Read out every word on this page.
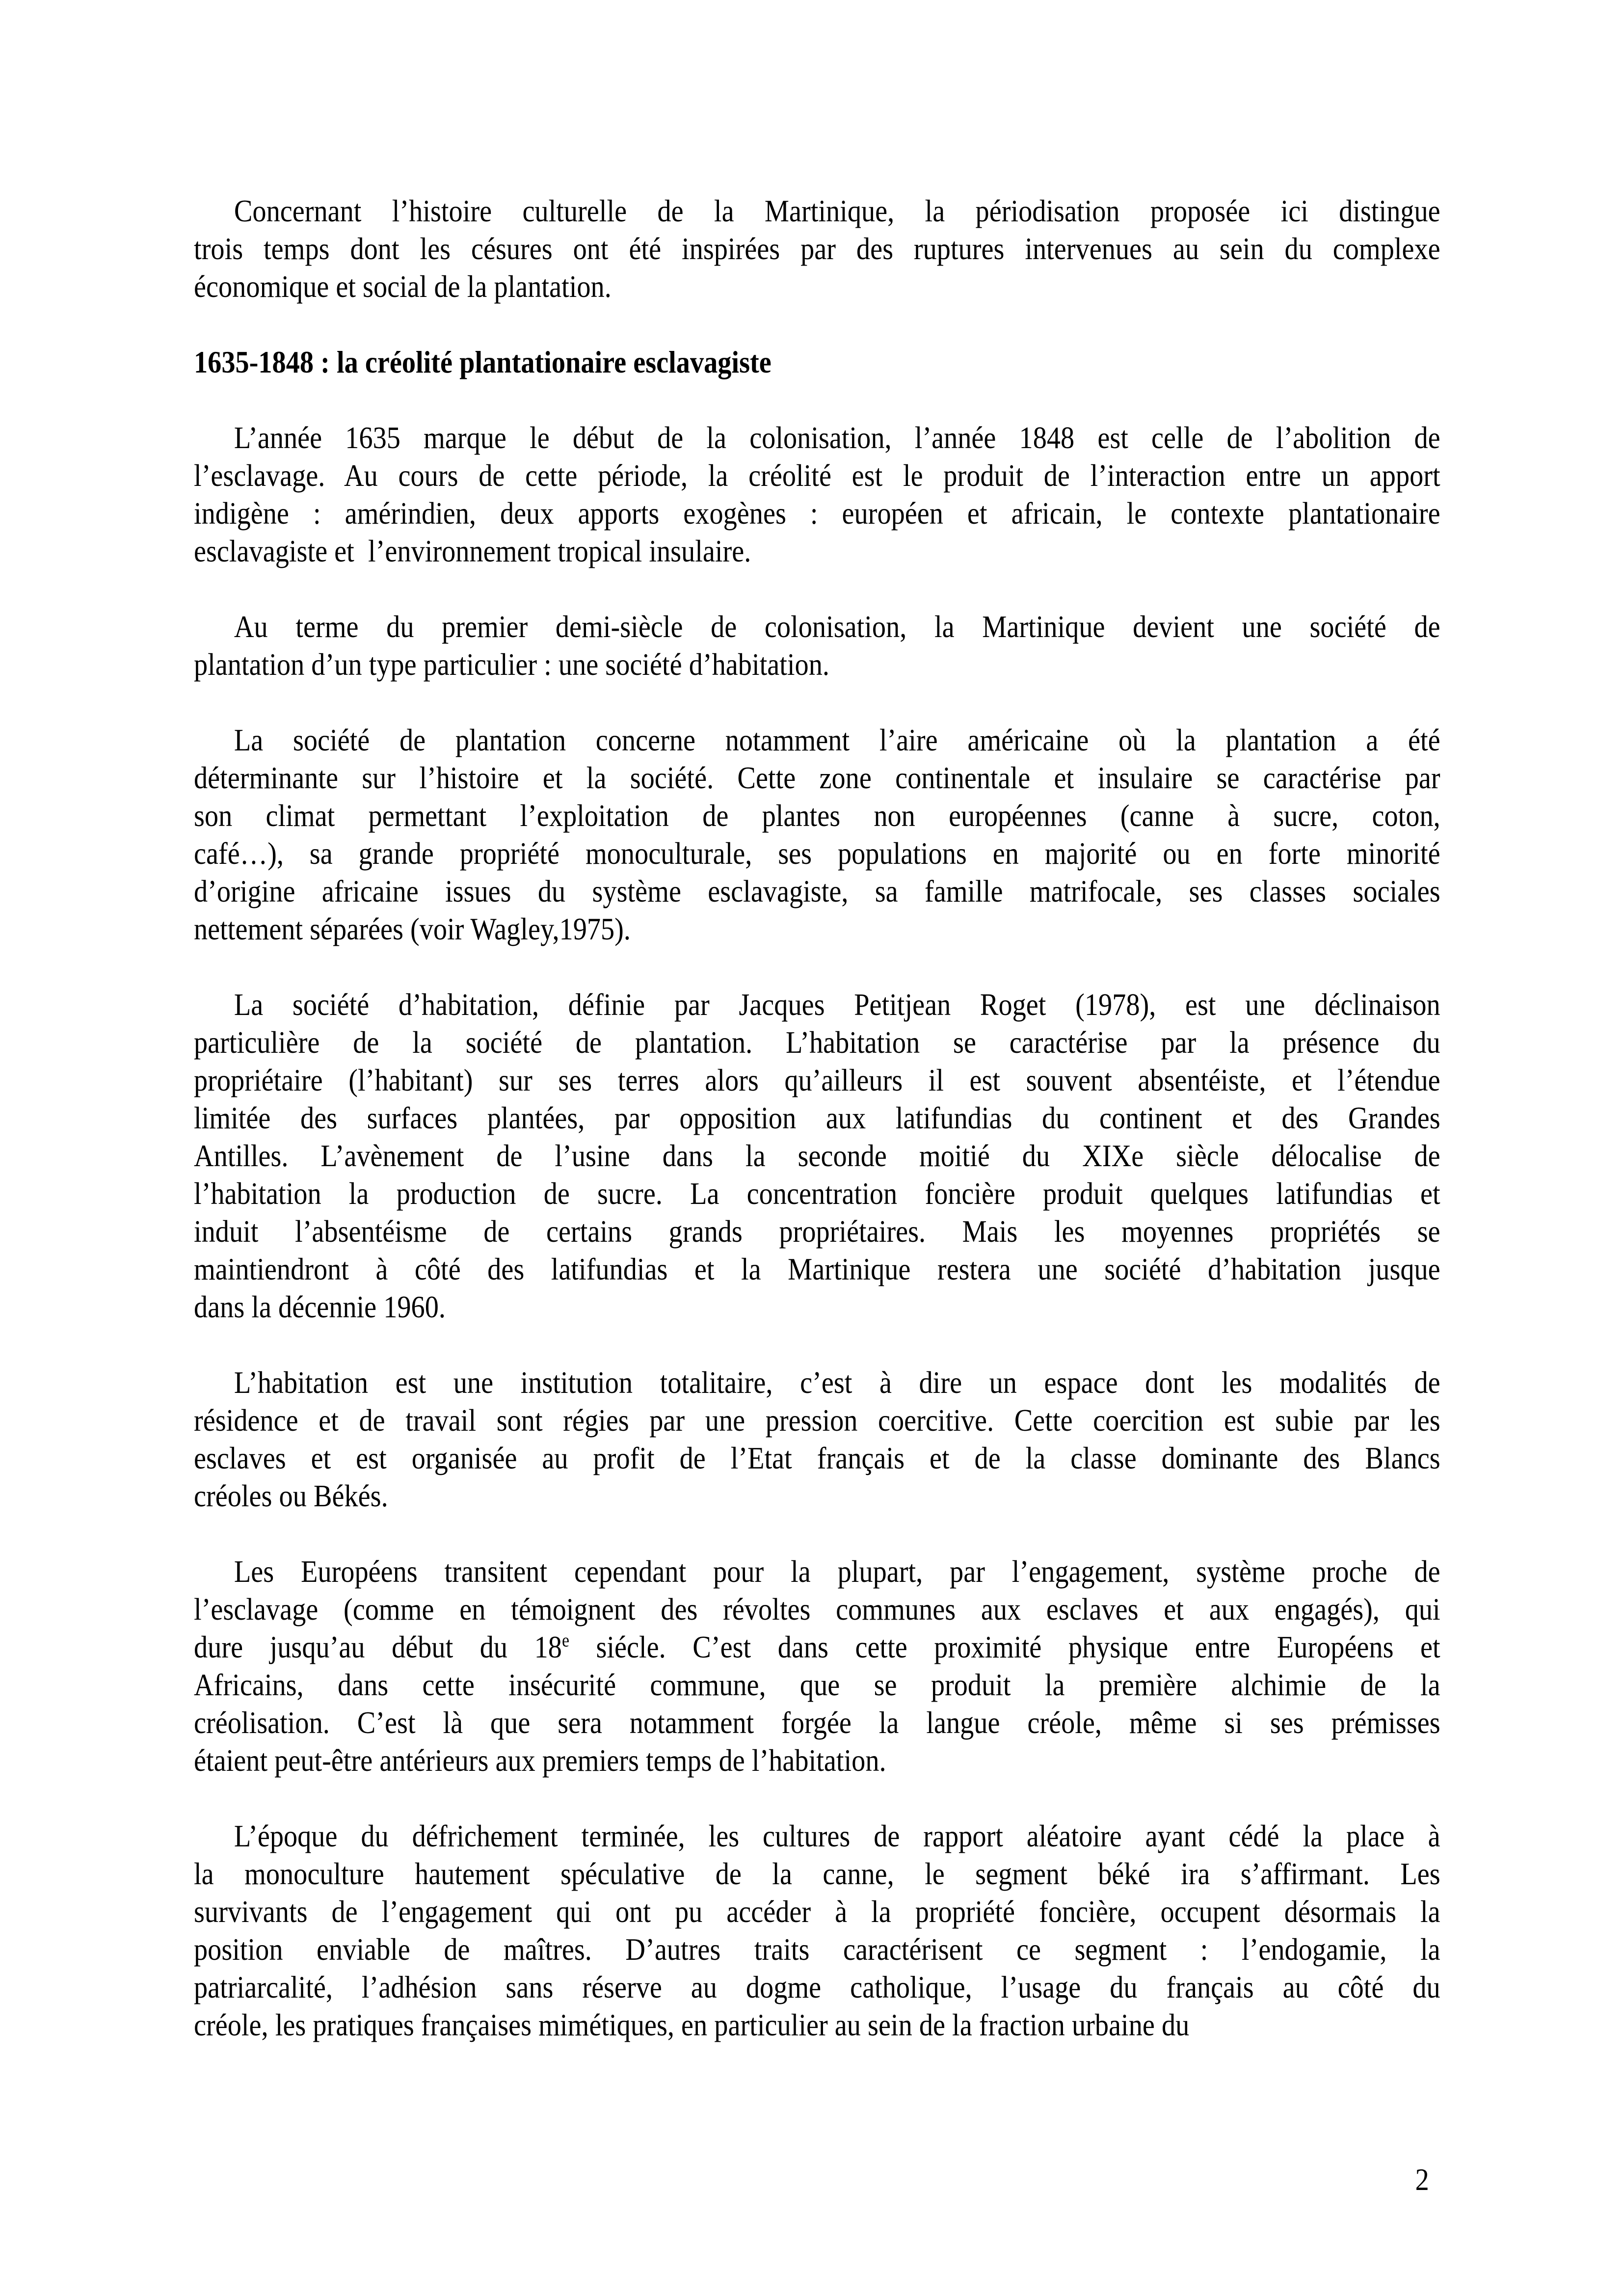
Concernant l’histoire culturelle de la Martinique, la périodisation proposée ici distingue
trois temps dont les césures ont été inspirées par des ruptures intervenues au sein du complexe
économique et social de la plantation.
1635-1848 : la créolité plantationaire esclavagiste
L’année 1635 marque le début de la colonisation, l’année 1848 est celle de l’abolition de
l’esclavage. Au cours de cette période, la créolité est le produit de l’interaction entre un apport
indigène : amérindien, deux apports exogènes : européen et africain, le contexte plantationaire
esclavagiste et  l’environnement tropical insulaire.
Au terme du premier demi-siècle de colonisation, la Martinique devient une société de
plantation d’un type particulier : une société d’habitation.
La société de plantation concerne notamment l’aire américaine où la plantation a été
déterminante sur l’histoire et la société. Cette zone continentale et insulaire se caractérise par
son climat permettant l’exploitation de plantes non européennes (canne à sucre, coton,
café…), sa grande propriété monoculturale, ses populations en majorité ou en forte minorité
d’origine africaine issues du système esclavagiste, sa famille matrifocale, ses classes sociales
nettement séparées (voir Wagley,1975).
La société d’habitation, définie par Jacques Petitjean Roget (1978), est une déclinaison
particulière de la société de plantation. L’habitation se caractérise par la présence du
propriétaire (l’habitant) sur ses terres alors qu’ailleurs il est souvent absentéiste, et l’étendue
limitée des surfaces plantées, par opposition aux latifundias du continent et des Grandes
Antilles. L’avènement de l’usine dans la seconde moitié du XIXe siècle délocalise de
l’habitation la production de sucre. La concentration foncière produit quelques latifundias et
induit l’absentéisme de certains grands propriétaires. Mais les moyennes propriétés se
maintiendront à côté des latifundias et la Martinique restera une société d’habitation jusque
dans la décennie 1960.
L’habitation est une institution totalitaire, c’est à dire un espace dont les modalités de
résidence et de travail sont régies par une pression coercitive. Cette coercition est subie par les
esclaves et est organisée au profit de l’Etat français et de la classe dominante des Blancs
créoles ou Békés.
Les Européens transitent cependant pour la plupart, par l’engagement, système proche de
l’esclavage (comme en témoignent des révoltes communes aux esclaves et aux engagés), qui
dure jusqu’au début du 18e siécle. C’est dans cette proximité physique entre Européens et
Africains, dans cette insécurité commune, que se produit la première alchimie de la
créolisation. C’est là que sera notamment forgée la langue créole, même si ses prémisses
étaient peut-être antérieurs aux premiers temps de l’habitation.
L’époque du défrichement terminée, les cultures de rapport aléatoire ayant cédé la place à
la monoculture hautement spéculative de la canne, le segment béké ira s’affirmant. Les
survivants de l’engagement qui ont pu accéder à la propriété foncière, occupent désormais la
position enviable de maîtres. D’autres traits caractérisent ce segment : l’endogamie, la
patriarcalité, l’adhésion sans réserve au dogme catholique, l’usage du français au côté du
créole, les pratiques françaises mimétiques, en particulier au sein de la fraction urbaine du
2
